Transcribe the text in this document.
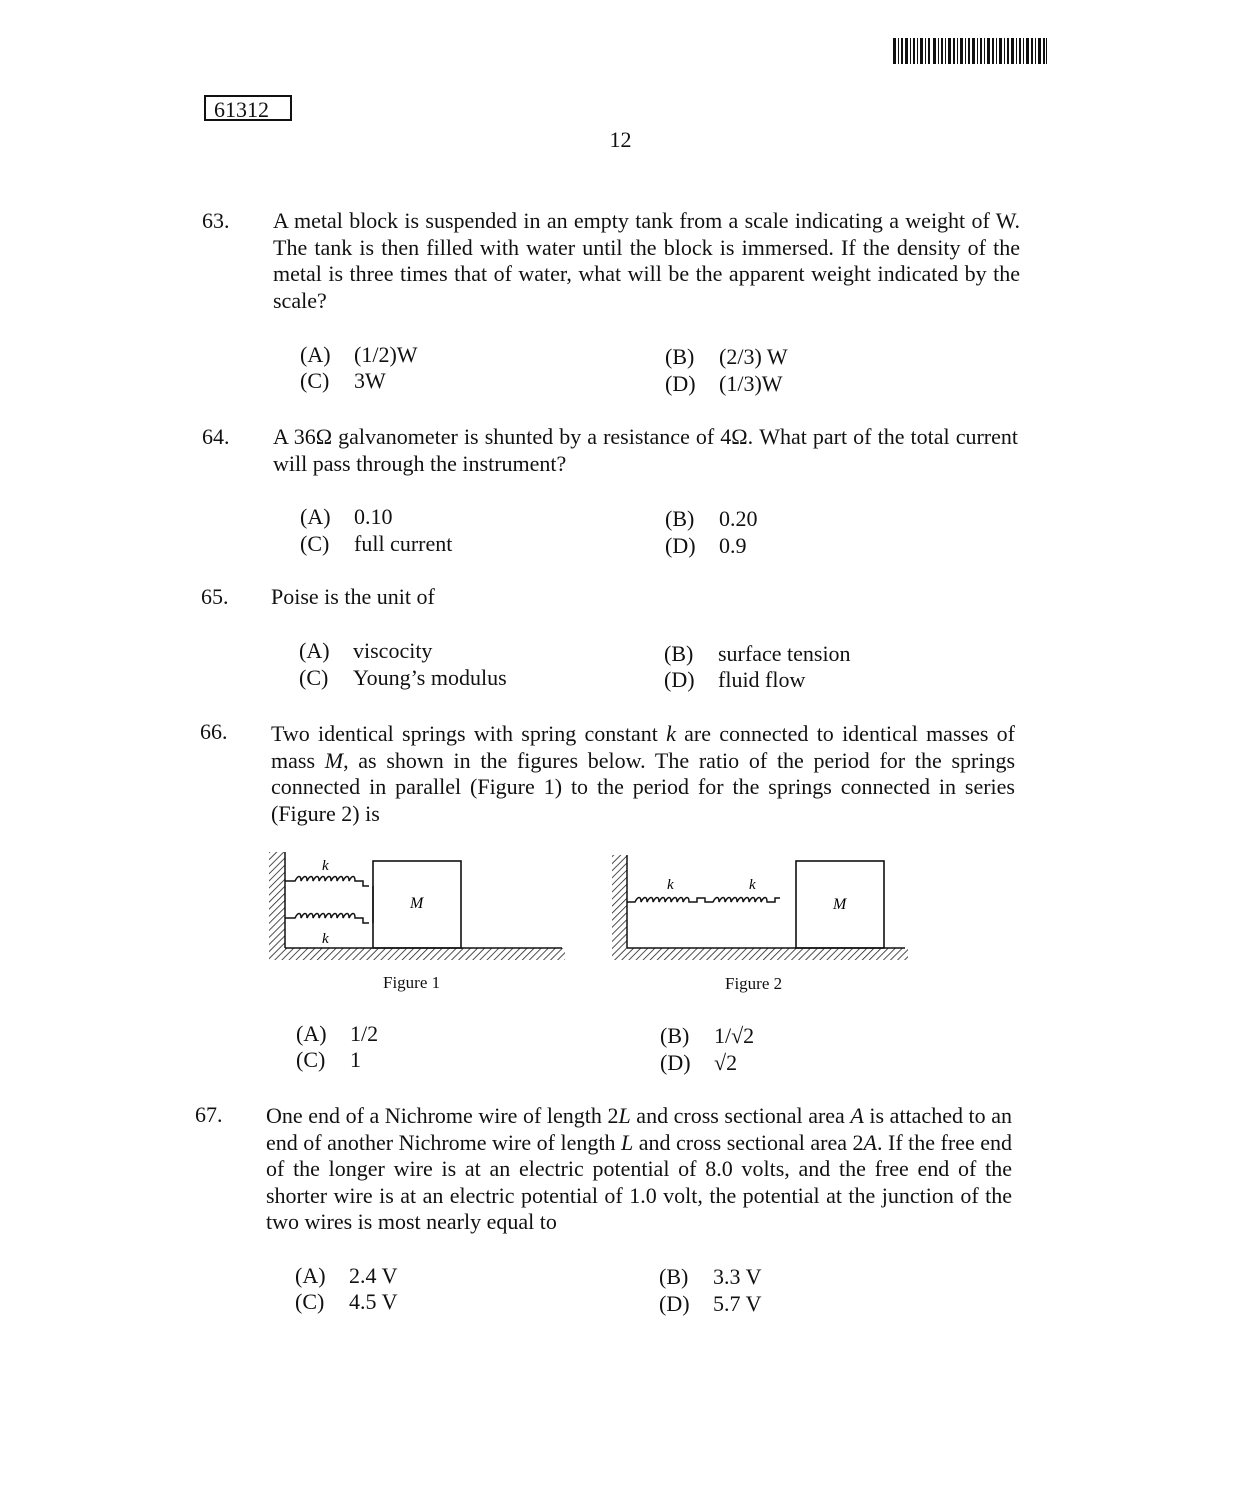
61312
12
63. A metal block is suspended in an empty tank from a scale indicating a weight of W. The tank is then filled with water until the block is immersed. If the density of the metal is three times that of water, what will be the apparent weight indicated by the scale?
(A) (1/2)W	(B) (2/3) W
(C) 3W	(D) (1/3)W
64. A 36Ω galvanometer is shunted by a resistance of 4Ω. What part of the total current will pass through the instrument?
(A) 0.10	(B) 0.20
(C) full current	(D) 0.9
65. Poise is the unit of
(A) viscocity	(B) surface tension
(C) Young’s modulus	(D) fluid flow
66. Two identical springs with spring constant k are connected to identical masses of mass M, as shown in the figures below. The ratio of the period for the springs connected in parallel (Figure 1) to the period for the springs connected in series (Figure 2) is
k
k
M
Figure 1
k	k
M
Figure 2
(A) 1/2	(B) 1/√2
(C) 1	(D) √2
67. One end of a Nichrome wire of length 2L and cross sectional area A is attached to an end of another Nichrome wire of length L and cross sectional area 2A. If the free end of the longer wire is at an electric potential of 8.0 volts, and the free end of the shorter wire is at an electric potential of 1.0 volt, the potential at the junction of the two wires is most nearly equal to
(A) 2.4 V	(B) 3.3 V
(C) 4.5 V	(D) 5.7 V
